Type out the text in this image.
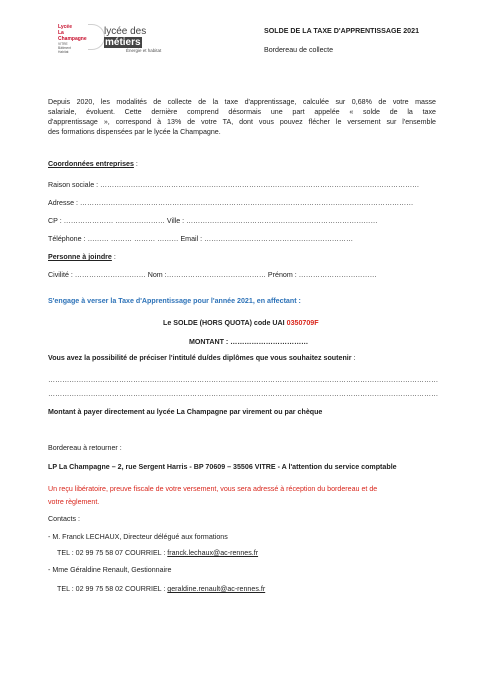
Lycée
La Champagne
VITRE
Bâtiment
Habitat
lycée des métiers
Énergie et habitat
SOLDE DE LA TAXE D'APPRENTISSAGE 2021
Bordereau de collecte
Depuis 2020, les modalités de collecte de la taxe d'apprentissage, calculée sur 0,68% de votre masse
salariale, évoluent. Cette dernière comprend désormais une part appelée « solde de la taxe
d'apprentissage », correspond à 13% de votre TA, dont vous pouvez flécher le versement sur l'ensemble
des formations dispensées par le lycée la Champagne.
Coordonnées entreprises :
Raison sociale : ………………………………………………………………………………………………………………………
Adresse : ……………………………………………………………………………………………………………………………
CP : ………………… ………………… Ville : ………………………………………………………………………
Téléphone : ……… ……… ……… ……… Email : ………………………………………………………
Personne à joindre :
Civilité : ………………………… Nom :…………………………………… Prénom : ……………………………
S'engage à verser la Taxe d'Apprentissage pour l'année 2021, en affectant :
Le SOLDE (HORS QUOTA) code UAI 0350709F
MONTANT : ……………………………
Vous avez la possibilité de préciser l'intitulé du/des diplômes que vous souhaitez soutenir :
…………………………………………………………………………………………………………………………………………………
…………………………………………………………………………………………………………………………………………………
Montant à payer directement au lycée La Champagne par virement ou par chèque
Bordereau à retourner :
LP La Champagne – 2, rue Sergent Harris - BP 70609 – 35506 VITRE - A l'attention du service comptable
Un reçu libératoire, preuve fiscale de votre versement, vous sera adressé à réception du bordereau et de
votre règlement.
Contacts :
- M. Franck LECHAUX, Directeur délégué aux formations
TEL : 02 99 75 58 07 COURRIEL : franck.lechaux@ac-rennes.fr
- Mme Géraldine Renault, Gestionnaire
TEL : 02 99 75 58 02 COURRIEL : geraldine.renault@ac-rennes.fr
